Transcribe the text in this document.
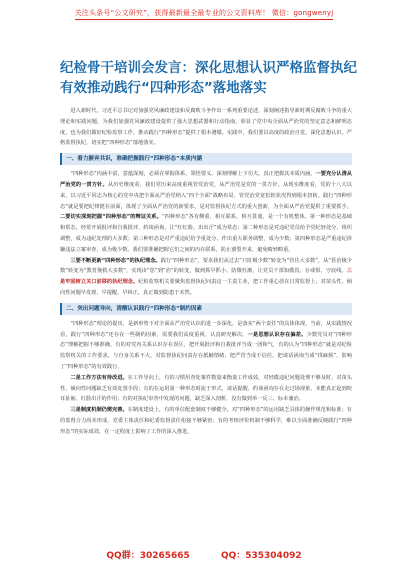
关注头条号“公文研究”，获得最新最全最专业的公文资料库！ 微信：gongwenyj
纪检骨干培训会发言：深化思想认识严格监督执纪有效推动践行“四种形态”落地落实

进入新时代，习近平总书记对加强党风廉政建设和反腐败斗争作出一系列重要论述，深刻阐述指导新时期反腐败斗争的重大理论和实践问题，为我们加强党风廉政建设提供了强大思想武器和行动指南，彰显了党中央全面从严治党的坚定意志和鲜明态度，也为我们做好纪检监察工作，推动践行“四种形态”提供了根本遵循。实践中，我们要以高度的政治自觉，深化思想认识，严格监督执纪，切实把“四种形态”落地落实。

一、着力摒弃共识，准确把握践行“四种形态”本质内涵

“四种形态”内涵丰富，意蕴深刻，必须在掌握体系、领悟要义、深刻理解上下功夫，真正把握其本质内涵。一要充分认清从严治党的一贯方针。从历史维度看，我们党历来高度重视管党治党，从严治党是党的一贯方针。从现实维度看，党的十八大以来，以习近平同志为核心的党中央把全面从严治党纳入“四个全面”战略布局，管党治党宽松软状况得到根本扭转。践行“四种形态”就是要把纪律挺在前面，体现了全面从严治党的新要求，是对监督执纪方式的重大创新，为全面从严治党提供了重要抓手。二要切实深刻把握“四种形态”的辩证关系。“四种形态”各有侧重、相互联系、相互贯通，是一个有机整体。第一种形态是基础和常态，经常开展批评和自我批评、约谈函询，让“红红脸、出出汗”成为常态；第二种形态是对违纪党员给予党纪轻处分、组织调整，成为违纪处理的大多数；第三种形态是对严重违纪给予重处分、作出重大职务调整，成为少数；第四种形态是严重违纪涉嫌违法立案审查，成为极少数。我们要准确把握它们之间的内在联系，防止割裂开来，避免畸轻畸重。

三要不断更新“四种形态”的执纪理念。践行“四种形态”，要求我们从过去“只盯极少数”转变为“管住大多数”，从“惩治极少数”转变为“教育挽救大多数”，实现由“惩”到“治”的转变，做到抓早抓小、防微杜渐，让党员干部知敬畏、存戒惧、守底线。三是牢固树立关口前移的执纪理念。纪检监察机关要聚焦监督执纪问责这一主责主业，把工作重心放在日常监督上，对苗头性、倾向性问题早发现、早提醒、早纠正，真正做到防患于未然。

二、突出问题导向，清醒认识践行“四种形态”制约因素

“四种形态”理论的提出，是新形势下对全面从严治党认识的进一步深化，是落实“两个责任”的具体体现。当前，从实践情况看，践行“四种形态”还存在一些制约因素，需要我们高度重视、认真研究解决。一是思想认识存在偏差。少数党员对“四种形态”理解把握不够准确，有的对党内关系认识存在误区，把开展批评和自我批评当成一团和气，有的认为“四种形态”就是对纪检监察机关的工作要求，与自身关系不大，对监督执纪问责存在抵触情绪，把严管当成不信任，把谈话函询当成“找麻烦”，影响了“四种形态”的有效践行。

二是工作方法有待改进。在工作导向上，有的习惯用查处案件数量来衡量工作成效，对轻微违纪问题处理不够及时，对苗头性、倾向性问题缺乏有效处置手段；有的在运用第一种形态时流于形式，谈话提醒、约谈函询存在走过场现象，未能真正起到咬耳扯袖、红脸出汗的作用；有的对执纪审查中发现的问题，缺乏深入剖析，没有做到举一反三、标本兼治。

三是制度机制仍需完善。在制度建设上，有的单位配套制度不够健全，对“四种形态”的运用缺乏具体的操作规范和标准；有的监督合力尚未形成，党委主体责任和纪委监督责任衔接不够紧密；有的考核评价机制不够科学，难以全面准确反映践行“四种形态”的实际成效，在一定程度上影响了工作的深入推进。

QQ群：30265665	QQ：535304092
